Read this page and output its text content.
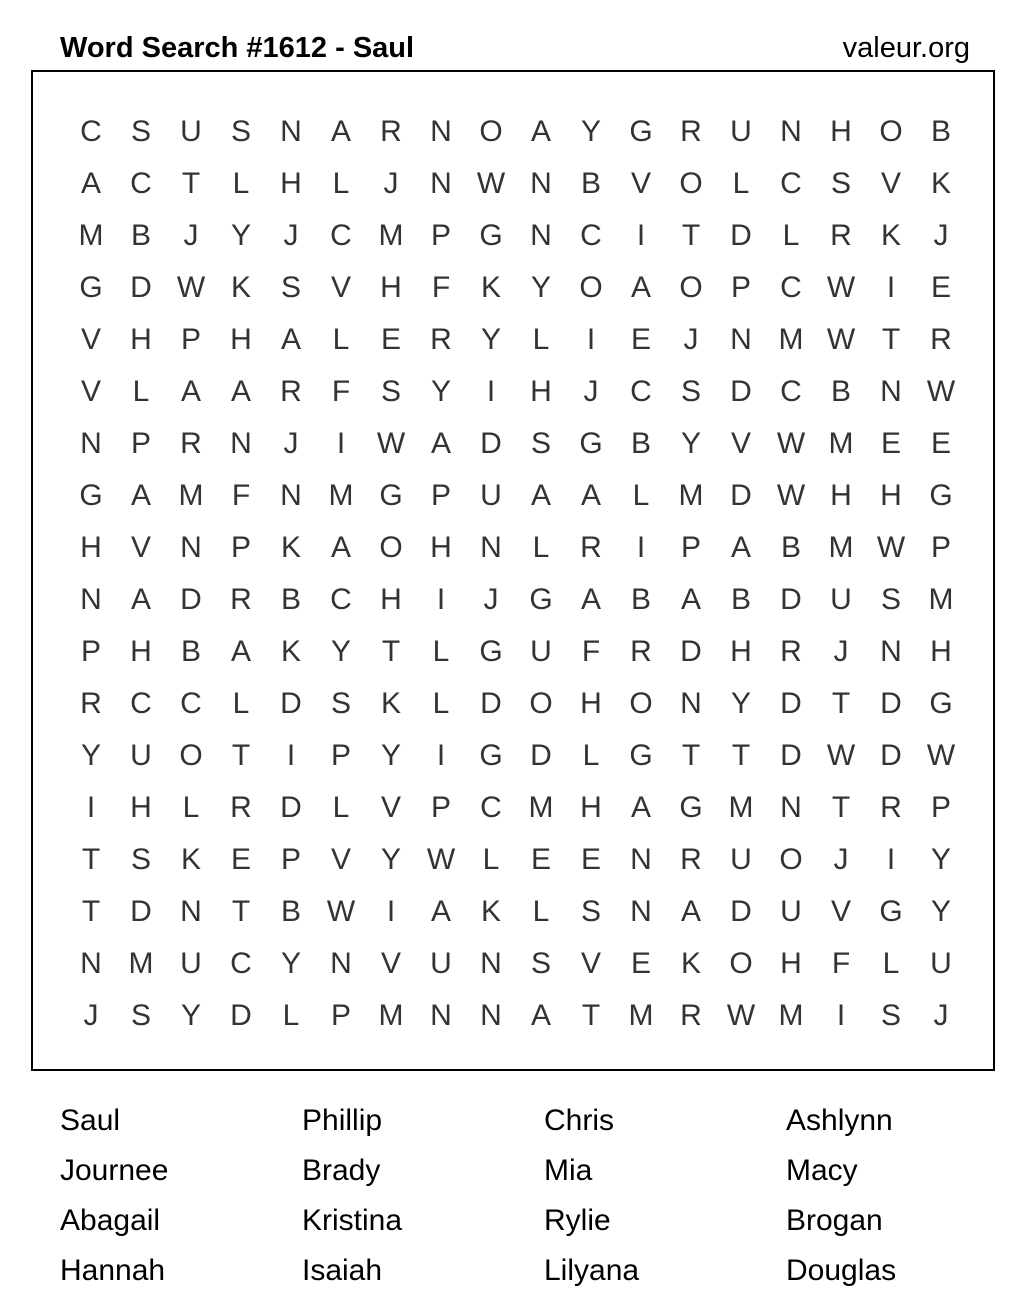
Word Search #1612 - Saul	valeur.org
C S U S N A R N O A Y G R U N H O B
A C	T	L	H	L	J	N W N B V O L	C S V K
M B	J	Y	J	C M P G N C	I	T	D	L	R K	J
G D W K S V H	F	K Y O A O P C W	I	E
V H P H A	L	E R Y	L	I	E	J	N M W T	R
V	L	A A R	F	S Y	I	H	J	C S D C B N W
N P R N	J	I	W A D S G B Y V W M E E
G A M F	N M G P U A A	L M D W H H G
H V N P K A O H N	L	R	I	P A B M W P
N A D R B C H	I	J	G A B A B D U S M
P H B A K Y	T	L G U	F	R D H R	J	N H
R C C	L	D S K	L	D O H O N Y D	T	D G
Y U O T	I	P Y	I	G D	L G T	T	D W D W
I	H	L	R D	L	V P C M H A G M N	T	R P
T	S K E P V Y W L	E E N R U O	J	I	Y
T	D N	T	B W	I	A K	L	S N A D U V G Y
N M U C Y N V U N S V E K O H	F	L	U
J	S Y D	L	P M N N A	T M R W M	I	S	J
Saul	Phillip	Chris	Ashlynn
Journee	Brady	Mia	Macy
Abagail	Kristina	Rylie	Brogan
Hannah	Isaiah	Lilyana	Douglas
